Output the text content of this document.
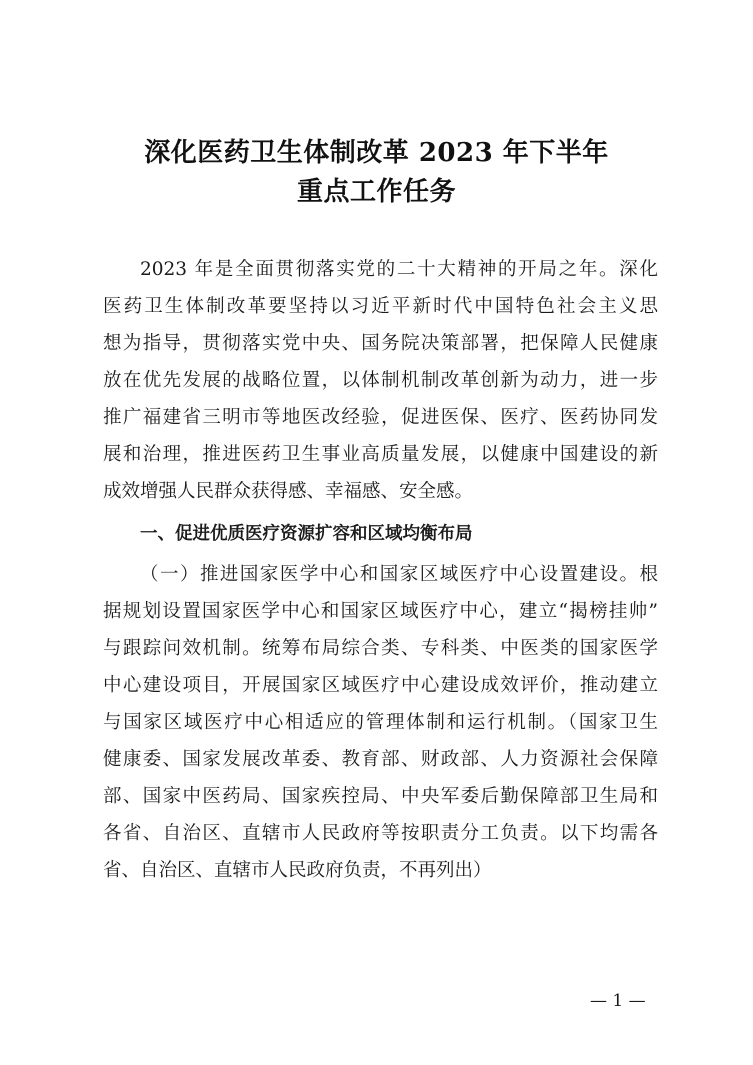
深化医药卫生体制改革 2023 年下半年
重点工作任务
2023 年是全面贯彻落实党的二十大精神的开局之年。深化
医药卫生体制改革要坚持以习近平新时代中国特色社会主义思
想为指导，贯彻落实党中央、国务院决策部署，把保障人民健康
放在优先发展的战略位置，以体制机制改革创新为动力，进一步
推广福建省三明市等地医改经验，促进医保、医疗、医药协同发
展和治理，推进医药卫生事业高质量发展，以健康中国建设的新
成效增强人民群众获得感、幸福感、安全感。
一、促进优质医疗资源扩容和区域均衡布局
（一）推进国家医学中心和国家区域医疗中心设置建设。根
据规划设置国家医学中心和国家区域医疗中心，建立“揭榜挂帅”
与跟踪问效机制。统筹布局综合类、专科类、中医类的国家医学
中心建设项目，开展国家区域医疗中心建设成效评价，推动建立
与国家区域医疗中心相适应的管理体制和运行机制。（国家卫生
健康委、国家发展改革委、教育部、财政部、人力资源社会保障
部、国家中医药局、国家疾控局、中央军委后勤保障部卫生局和
各省、自治区、直辖市人民政府等按职责分工负责。以下均需各
省、自治区、直辖市人民政府负责，不再列出）
— 1 —
